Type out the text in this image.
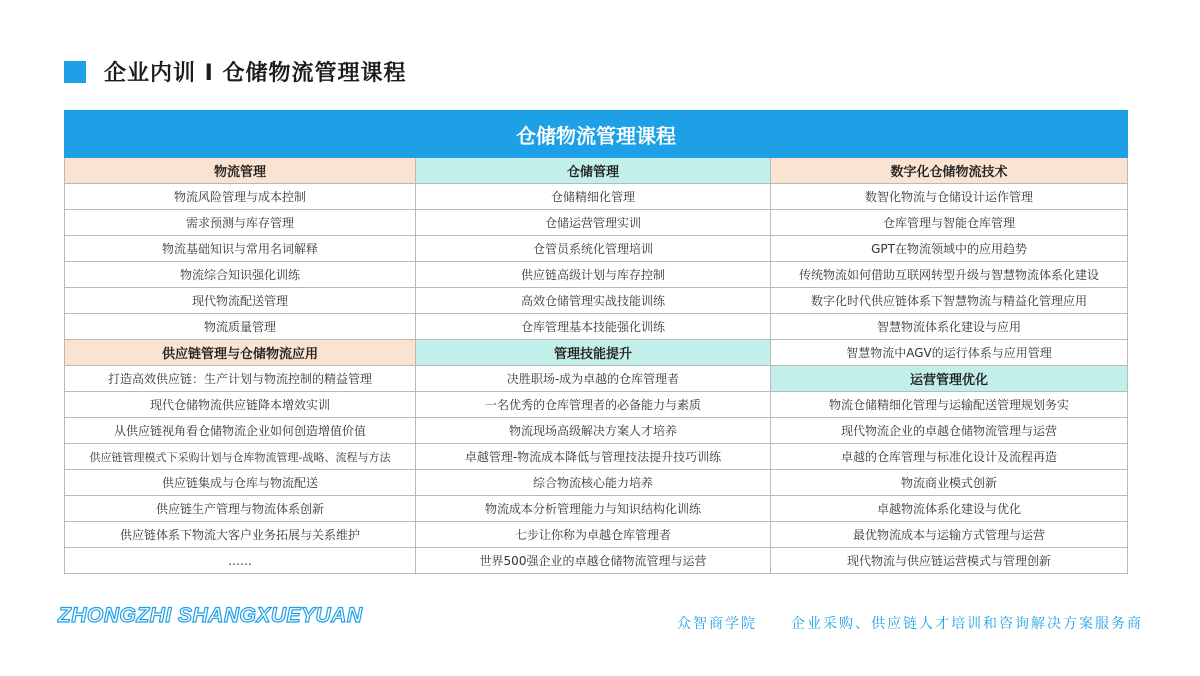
企业内训 I 仓储物流管理课程
仓储物流管理课程		
物流管理	仓储管理	数字化仓储物流技术
物流风险管理与成本控制	仓储精细化管理	数智化物流与仓储设计运作管理
需求预测与库存管理	仓储运营管理实训	仓库管理与智能仓库管理
物流基础知识与常用名词解释	仓管员系统化管理培训	GPT在物流领域中的应用趋势
物流综合知识强化训练	供应链高级计划与库存控制	传统物流如何借助互联网转型升级与智慧物流体系化建设
现代物流配送管理	高效仓储管理实战技能训练	数字化时代供应链体系下智慧物流与精益化管理应用
物流质量管理	仓库管理基本技能强化训练	智慧物流体系化建设与应用
供应链管理与仓储物流应用	管理技能提升	智慧物流中AGV的运行体系与应用管理
打造高效供应链：生产计划与物流控制的精益管理	决胜职场-成为卓越的仓库管理者	运营管理优化
现代仓储物流供应链降本增效实训	一名优秀的仓库管理者的必备能力与素质	物流仓储精细化管理与运输配送管理规划务实
从供应链视角看仓储物流企业如何创造增值价值	物流现场高级解决方案人才培养	现代物流企业的卓越仓储物流管理与运营
供应链管理模式下采购计划与仓库物流管理-战略、流程与方法	卓越管理-物流成本降低与管理技法提升技巧训练	卓越的仓库管理与标准化设计及流程再造
供应链集成与仓库与物流配送	综合物流核心能力培养	物流商业模式创新
供应链生产管理与物流体系创新	物流成本分析管理能力与知识结构化训练	卓越物流体系化建设与优化
供应链体系下物流大客户业务拓展与关系维护	七步让你称为卓越仓库管理者	最优物流成本与运输方式管理与运营
……	世界500强企业的卓越仓储物流管理与运营	现代物流与供应链运营模式与管理创新
ZHONGZHI SHANGXUEYUAN	众智商学院 企业采购、供应链人才培训和咨询解决方案服务商
